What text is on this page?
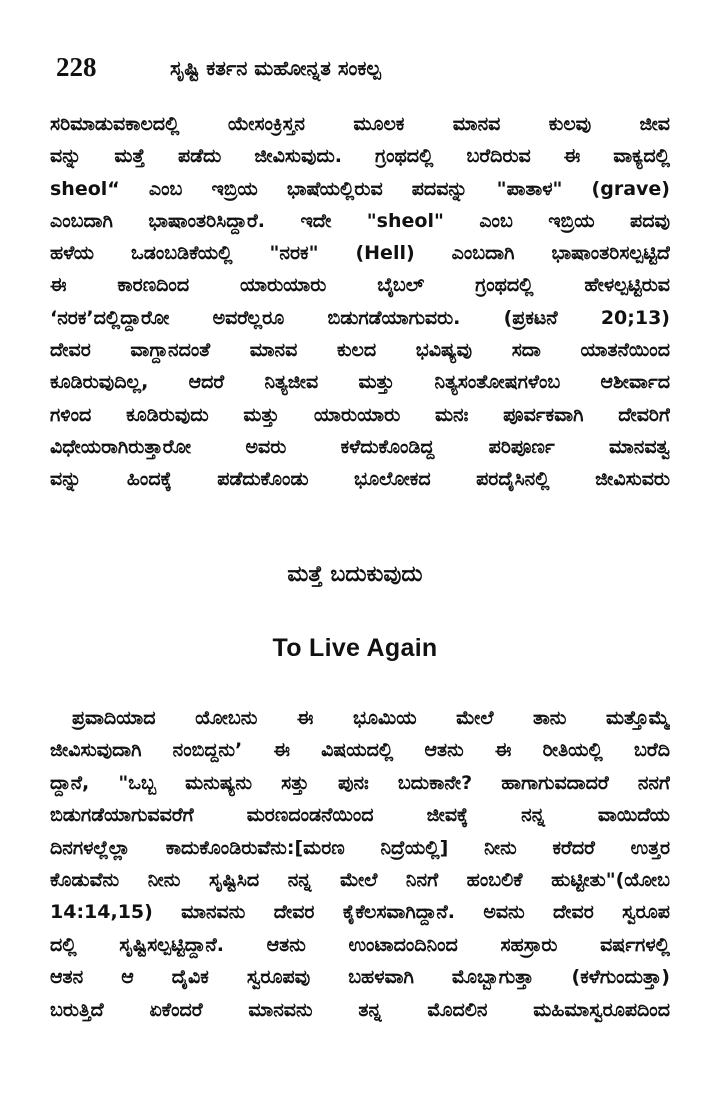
228	ಸೃಷ್ಟಿ ಕರ್ತನ ಮಹೋನ್ನತ ಸಂಕಲ್ಪ
ಸರಿಮಾಡುವಕಾಲದಲ್ಲಿ ಯೇಸಂಕ್ರಿಸ್ತನ ಮೂಲಕ ಮಾನವ ಕುಲವು ಜೀವ
ವನ್ನು ಮತ್ತೆ ಪಡೆದು ಜೀವಿಸುವುದು. ಗ್ರಂಥದಲ್ಲಿ ಬರೆದಿರುವ ಈ ವಾಕ್ಯದಲ್ಲಿ
sheol“ ಎಂಬ ಇಬ್ರಿಯ ಭಾಷೆಯಲ್ಲಿರುವ ಪದವನ್ನು "ಪಾತಾಳ" (grave)
ಎಂಬದಾಗಿ ಭಾಷಾಂತರಿಸಿದ್ದಾರೆ. ಇದೇ "sheol" ಎಂಬ ಇಬ್ರಿಯ ಪದವು
ಹಳೆಯ ಒಡಂಬಡಿಕೆಯಲ್ಲಿ "ನರಕ" (Hell) ಎಂಬದಾಗಿ ಭಾಷಾಂತರಿಸಲ್ಪಟ್ಟಿದೆ
ಈ ಕಾರಣದಿಂದ ಯಾರುಯಾರು ಬೈಬಲ್ ಗ್ರಂಥದಲ್ಲಿ ಹೇಳಲ್ಪಟ್ಟಿರುವ
‘ನರಕ’ದಲ್ಲಿದ್ದಾರೋ ಅವರೆಲ್ಲರೂ ಬಿಡುಗಡೆಯಾಗುವರು. (ಪ್ರಕಟನೆ 20;13)
ದೇವರ ವಾಗ್ದಾನದಂತೆ ಮಾನವ ಕುಲದ ಭವಿಷ್ಯವು ಸದಾ ಯಾತನೆಯಿಂದ
ಕೂಡಿರುವುದಿಲ್ಲ, ಆದರೆ ನಿತ್ಯಜೀವ ಮತ್ತು ನಿತ್ಯಸಂತೋಷಗಳೆಂಬ ಆಶೀರ್ವಾದ
ಗಳಿಂದ ಕೂಡಿರುವುದು ಮತ್ತು ಯಾರುಯಾರು ಮನಃ ಪೂರ್ವಕವಾಗಿ ದೇವರಿಗೆ
ವಿಧೇಯರಾಗಿರುತ್ತಾರೋ ಅವರು ಕಳೆದುಕೊಂಡಿದ್ದ ಪರಿಪೂರ್ಣ ಮಾನವತ್ವ
ವನ್ನು ಹಿಂದಕ್ಕೆ ಪಡೆದುಕೊಂಡು ಭೂಲೋಕದ ಪರದೈಸಿನಲ್ಲಿ ಜೀವಿಸುವರು
ಮತ್ತೆ ಬದುಕುವುದು
To Live Again
ಪ್ರವಾದಿಯಾದ ಯೋಬನು ಈ ಭೂಮಿಯ ಮೇಲೆ ತಾನು ಮತ್ತೊಮ್ಮೆ
ಜೀವಿಸುವುದಾಗಿ ನಂಬಿದ್ದನು’ ಈ ವಿಷಯದಲ್ಲಿ ಆತನು ಈ ರೀತಿಯಲ್ಲಿ ಬರೆದಿ
ದ್ದಾನೆ, "ಒಬ್ಬ ಮನುಷ್ಯನು ಸತ್ತು ಪುನಃ ಬದುಕಾನೇ? ಹಾಗಾಗುವದಾದರೆ ನನಗೆ
ಬಿಡುಗಡೆಯಾಗುವವರೆಗೆ ಮರಣದಂಡನೆಯಿಂದ ಜೀವಕ್ಕೆ ನನ್ನ ವಾಯಿದೆಯ
ದಿನಗಳಲ್ಲೆಲ್ಲಾ ಕಾದುಕೊಂಡಿರುವೆನು:[ಮರಣ ನಿದ್ರೆಯಲ್ಲಿ] ನೀನು ಕರೆದರೆ ಉತ್ತರ
ಕೊಡುವೆನು ನೀನು ಸೃಷ್ಟಿಸಿದ ನನ್ನ ಮೇಲೆ ನಿನಗೆ ಹಂಬಲಿಕೆ ಹುಟ್ಟೀತು"(ಯೋಬ
14:14,15) ಮಾನವನು ದೇವರ ಕೈಕೆಲಸವಾಗಿದ್ದಾನೆ. ಅವನು ದೇವರ ಸ್ವರೂಪ
ದಲ್ಲಿ ಸೃಷ್ಟಿಸಲ್ಪಟ್ಟಿದ್ದಾನೆ. ಆತನು ಉಂಟಾದಂದಿನಿಂದ ಸಹಸ್ರಾರು ವರ್ಷಗಳಲ್ಲಿ
ಆತನ ಆ ದೈವಿಕ ಸ್ವರೂಪವು ಬಹಳವಾಗಿ ಮೊಬ್ಬಾಗುತ್ತಾ (ಕಳೆಗುಂದುತ್ತಾ)
ಬರುತ್ತಿದೆ ಏಕೆಂದರೆ ಮಾನವನು ತನ್ನ ಮೊದಲಿನ ಮಹಿಮಾಸ್ವರೂಪದಿಂದ
